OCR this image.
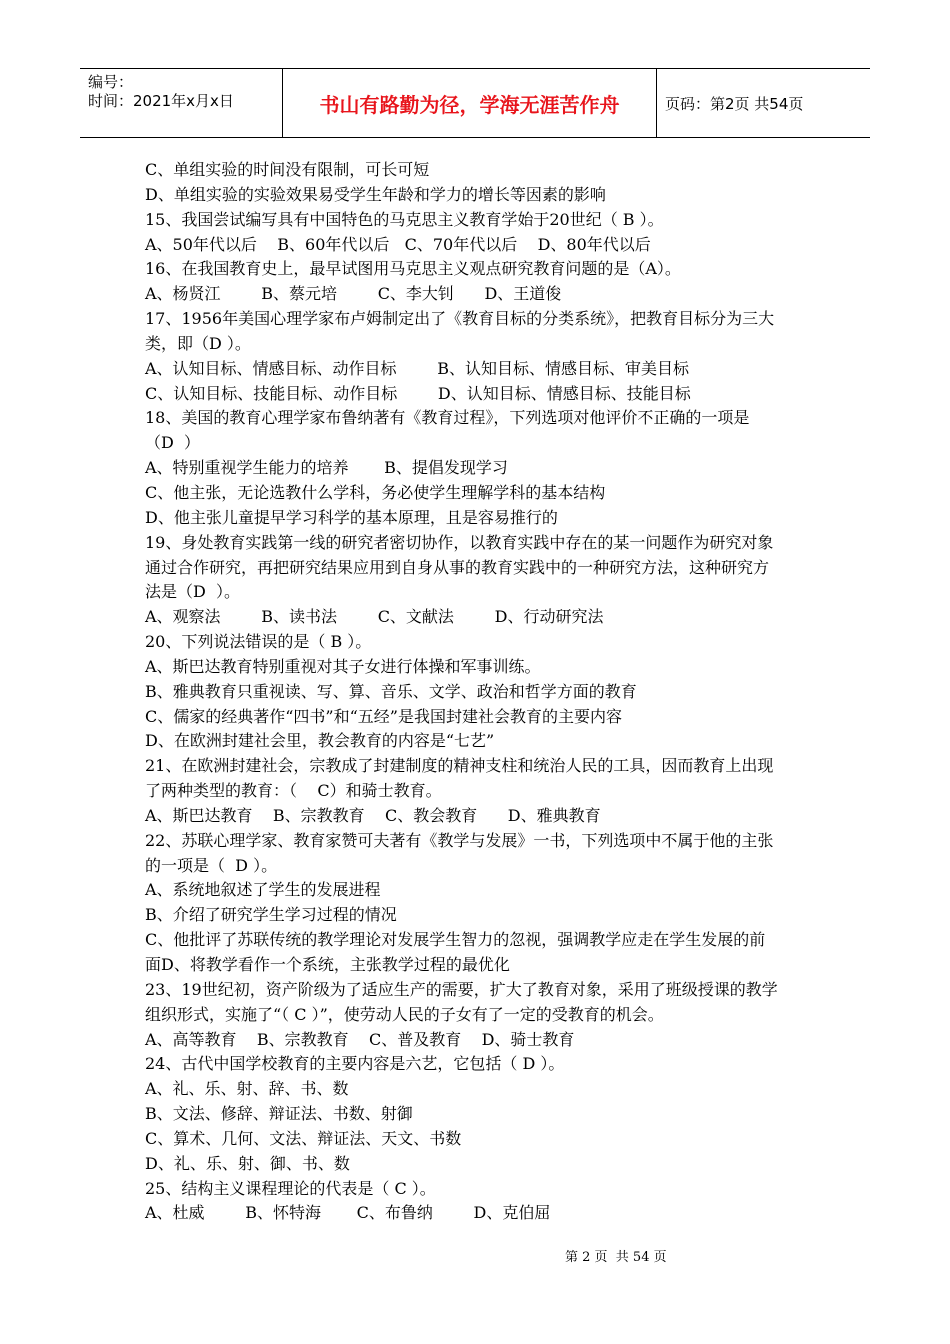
编号：
时间：2021年x月x日	书山有路勤为径，学海无涯苦作舟	页码：第2页 共54页
C、单组实验的时间没有限制，可长可短
D、单组实验的实验效果易受学生年龄和学力的增长等因素的影响
15、我国尝试编写具有中国特色的马克思主义教育学始于20世纪（ B ）。
A、50年代以后    B、60年代以后   C、70年代以后    D、80年代以后
16、在我国教育史上，最早试图用马克思主义观点研究教育问题的是（A）。
A、杨贤江        B、蔡元培        C、李大钊      D、王道俊
17、1956年美国心理学家布卢姆制定出了《教育目标的分类系统》，把教育目标分为三大
类，即（D ）。
A、认知目标、情感目标、动作目标        B、认知目标、情感目标、审美目标
C、认知目标、技能目标、动作目标        D、认知目标、情感目标、技能目标
18、美国的教育心理学家布鲁纳著有《教育过程》，下列选项对他评价不正确的一项是
（D  ）
A、特别重视学生能力的培养       B、提倡发现学习
C、他主张，无论选教什么学科，务必使学生理解学科的基本结构
D、他主张儿童提早学习科学的基本原理，且是容易推行的
19、身处教育实践第一线的研究者密切协作，以教育实践中存在的某一问题作为研究对象
通过合作研究，再把研究结果应用到自身从事的教育实践中的一种研究方法，这种研究方
法是（D  ）。
A、观察法        B、读书法        C、文献法        D、行动研究法
20、下列说法错误的是（ B ）。
A、斯巴达教育特别重视对其子女进行体操和军事训练。
B、雅典教育只重视读、写、算、音乐、文学、政治和哲学方面的教育
C、儒家的经典著作“四书”和“五经”是我国封建社会教育的主要内容
D、在欧洲封建社会里，教会教育的内容是“七艺”
21、在欧洲封建社会，宗教成了封建制度的精神支柱和统治人民的工具，因而教育上出现
了两种类型的教育：（    C）和骑士教育。
A、斯巴达教育    B、宗教教育    C、教会教育      D、雅典教育
22、苏联心理学家、教育家赞可夫著有《教学与发展》一书，下列选项中不属于他的主张
的一项是（  D ）。
A、系统地叙述了学生的发展进程
B、介绍了研究学生学习过程的情况
C、他批评了苏联传统的教学理论对发展学生智力的忽视，强调教学应走在学生发展的前
面D、将教学看作一个系统，主张教学过程的最优化
23、19世纪初，资产阶级为了适应生产的需要，扩大了教育对象，采用了班级授课的教学
组织形式，实施了“（ C ）”，使劳动人民的子女有了一定的受教育的机会。
A、高等教育    B、宗教教育    C、普及教育    D、骑士教育
24、古代中国学校教育的主要内容是六艺，它包括（ D ）。
A、礼、乐、射、辞、书、数
B、文法、修辞、辩证法、书数、射御
C、算术、几何、文法、辩证法、天文、书数
D、礼、乐、射、御、书、数
25、结构主义课程理论的代表是（ C ）。
A、杜威        B、怀特海       C、布鲁纳        D、克伯屈
第 2 页  共 54 页
